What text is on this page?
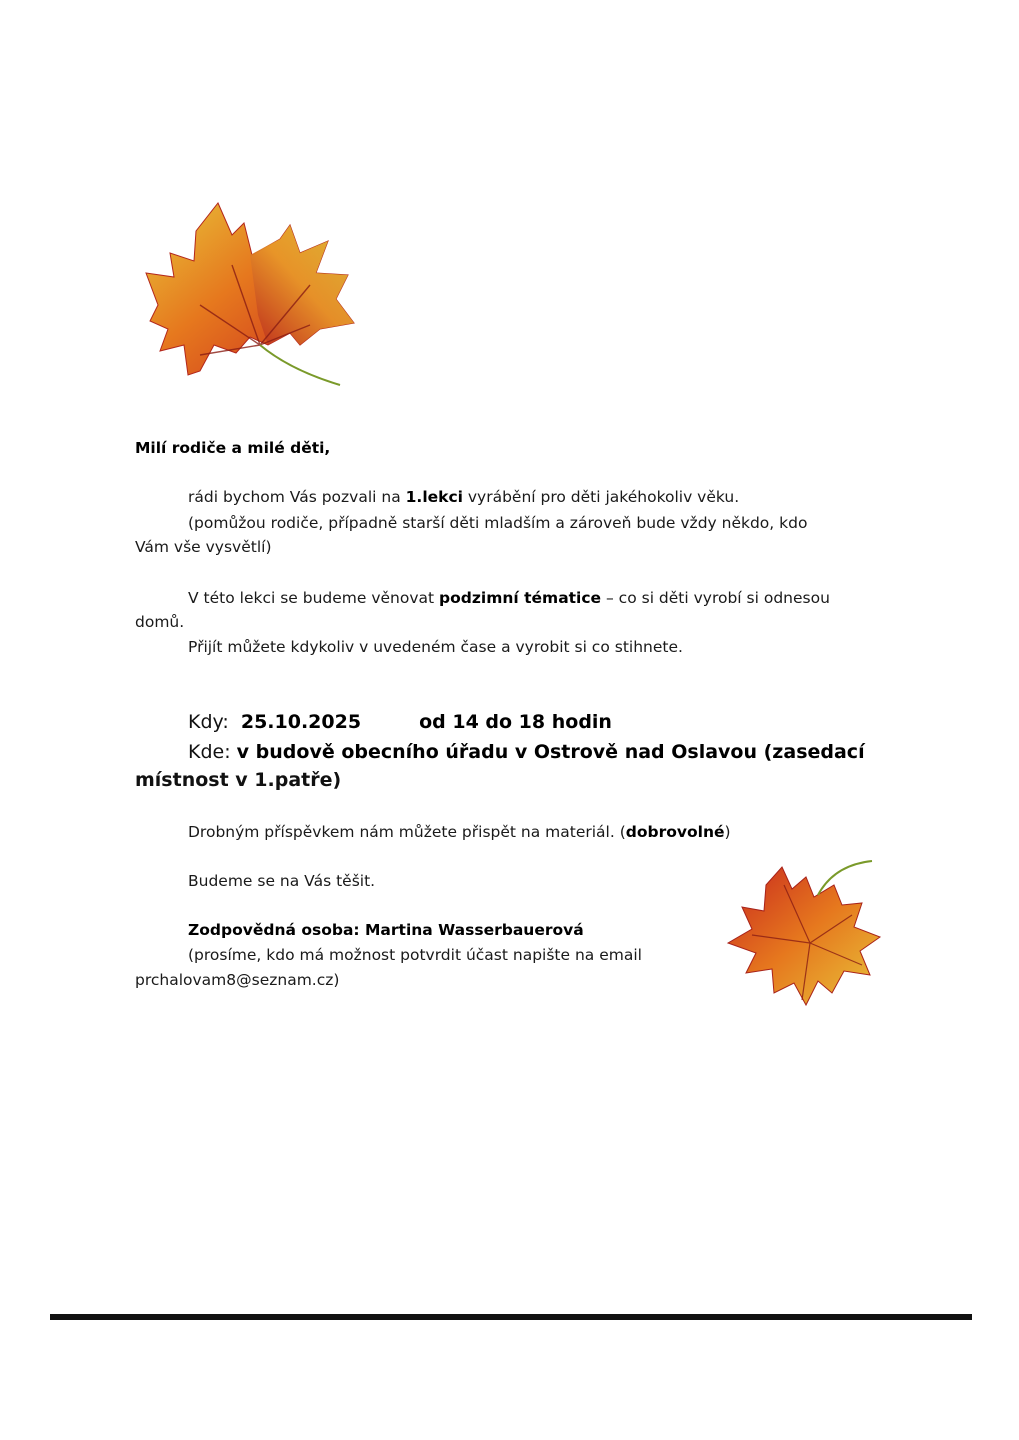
Milí rodiče a milé děti,
rádi bychom Vás pozvali na 1.lekci vyrábění pro děti jakéhokoliv věku.
(pomůžou rodiče, případně starší děti mladším a zároveň bude vždy někdo, kdo
Vám vše vysvětlí)
V této lekci se budeme věnovat podzimní tématice – co si děti vyrobí si odnesou
domů.
Přijít můžete kdykoliv v uvedeném čase a vyrobit si co stihnete.
Kdy: 25.10.2025	od 14 do 18 hodin
Kde: v budově obecního úřadu v Ostrově nad Oslavou (zasedací
místnost v 1.patře)
Drobným příspěvkem nám můžete přispět na materiál. (dobrovolné)
Budeme se na Vás těšit.
Zodpovědná osoba: Martina Wasserbauerová
(prosíme, kdo má možnost potvrdit účast napište na email
prchalovam8@seznam.cz)
